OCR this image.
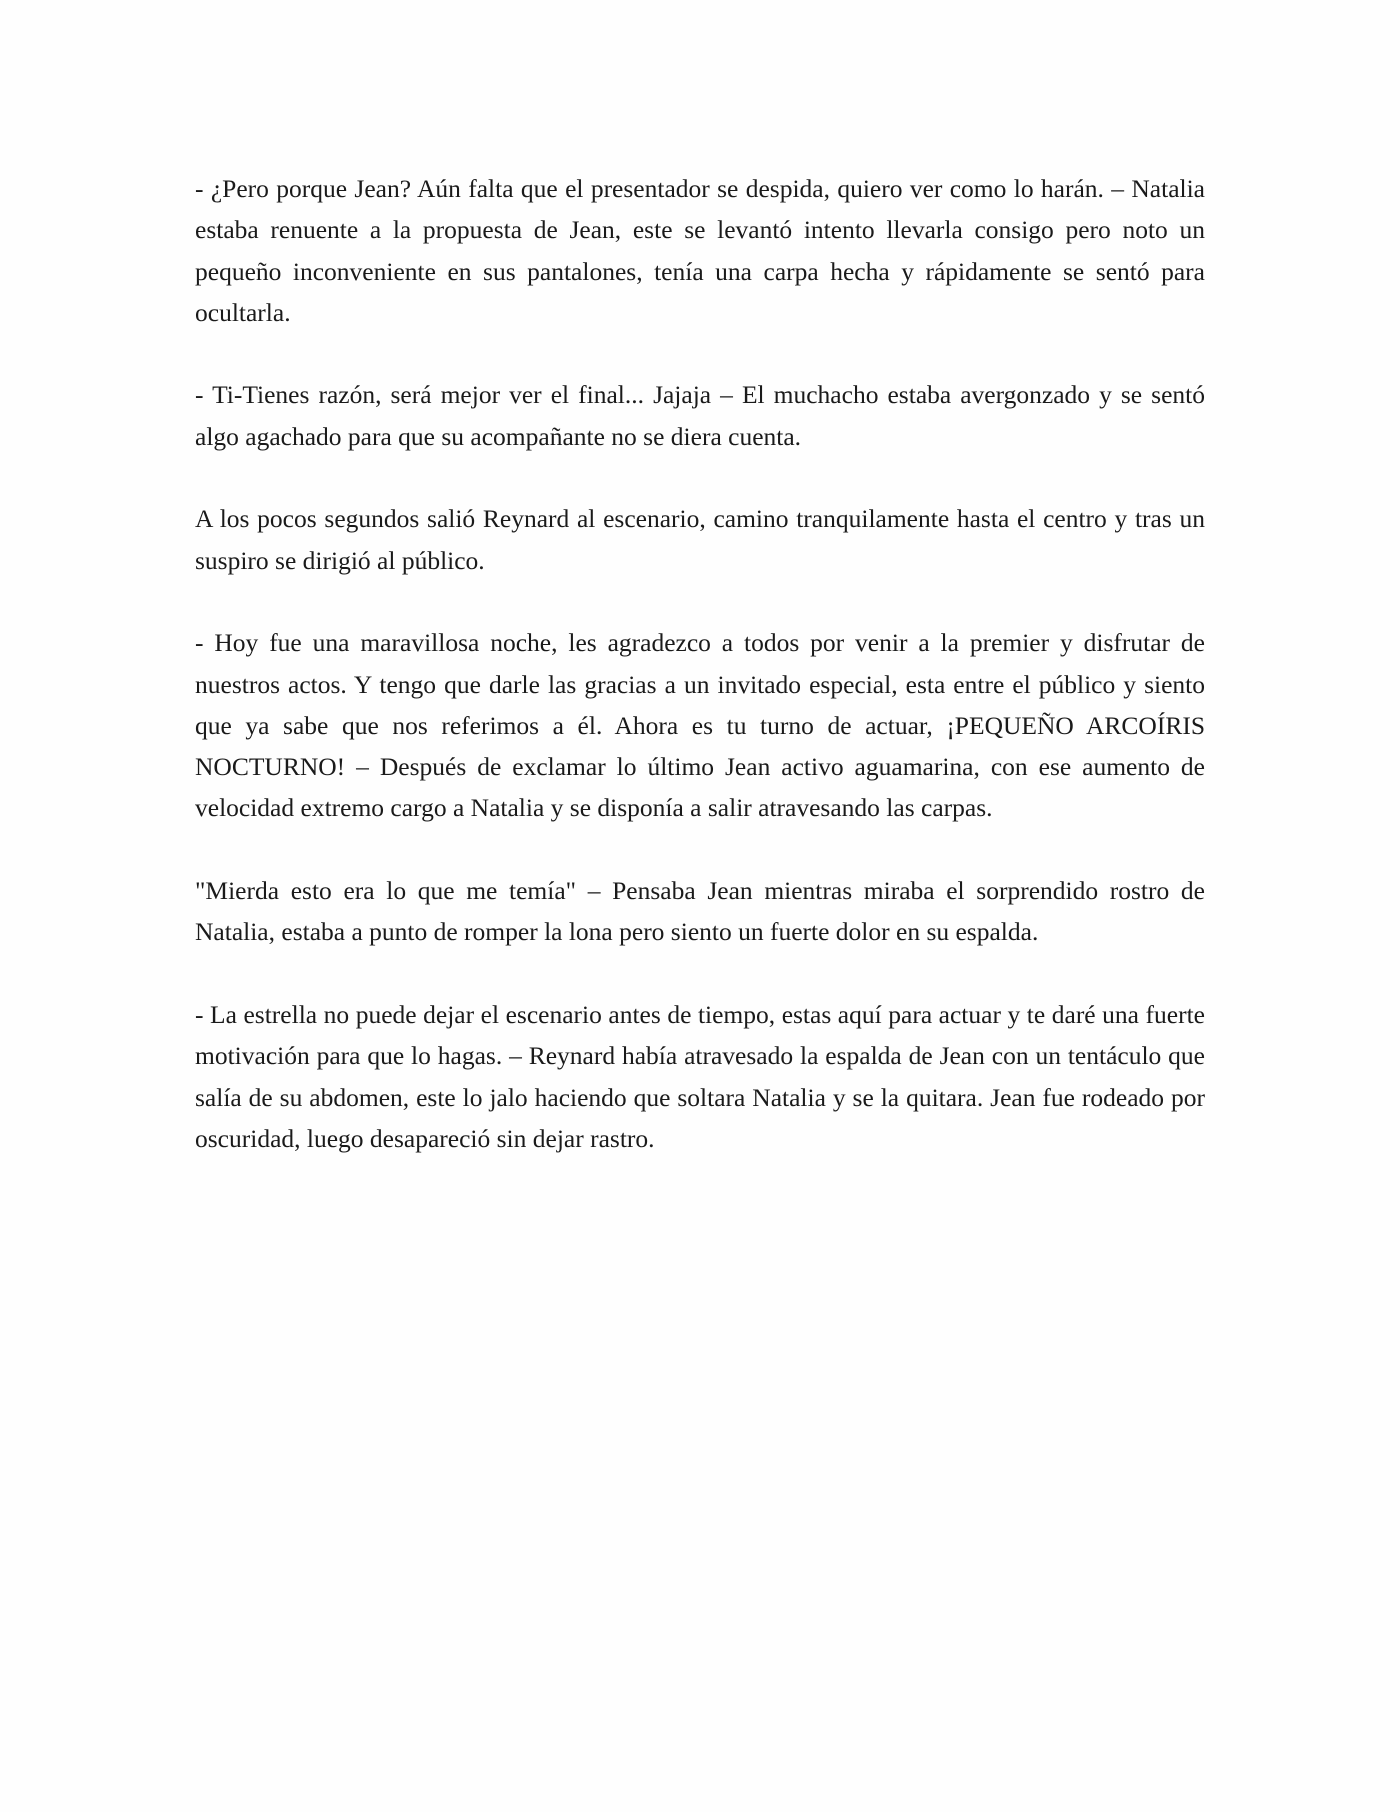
- ¿Pero porque Jean? Aún falta que el presentador se despida, quiero ver como lo harán. – Natalia estaba renuente a la propuesta de Jean, este se levantó intento llevarla consigo pero noto un pequeño inconveniente en sus pantalones, tenía una carpa hecha y rápidamente se sentó para ocultarla.

- Ti-Tienes razón, será mejor ver el final... Jajaja – El muchacho estaba avergonzado y se sentó algo agachado para que su acompañante no se diera cuenta.

A los pocos segundos salió Reynard al escenario, camino tranquilamente hasta el centro y tras un suspiro se dirigió al público.

- Hoy fue una maravillosa noche, les agradezco a todos por venir a la premier y disfrutar de nuestros actos. Y tengo que darle las gracias a un invitado especial, esta entre el público y siento que ya sabe que nos referimos a él. Ahora es tu turno de actuar, ¡PEQUEÑO ARCOÍRIS NOCTURNO! – Después de exclamar lo último Jean activo aguamarina, con ese aumento de velocidad extremo cargo a Natalia y se disponía a salir atravesando las carpas.

"Mierda esto era lo que me temía" – Pensaba Jean mientras miraba el sorprendido rostro de Natalia, estaba a punto de romper la lona pero siento un fuerte dolor en su espalda.

- La estrella no puede dejar el escenario antes de tiempo, estas aquí para actuar y te daré una fuerte motivación para que lo hagas. – Reynard había atravesado la espalda de Jean con un tentáculo que salía de su abdomen, este lo jalo haciendo que soltara Natalia y se la quitara. Jean fue rodeado por oscuridad, luego desapareció sin dejar rastro.
